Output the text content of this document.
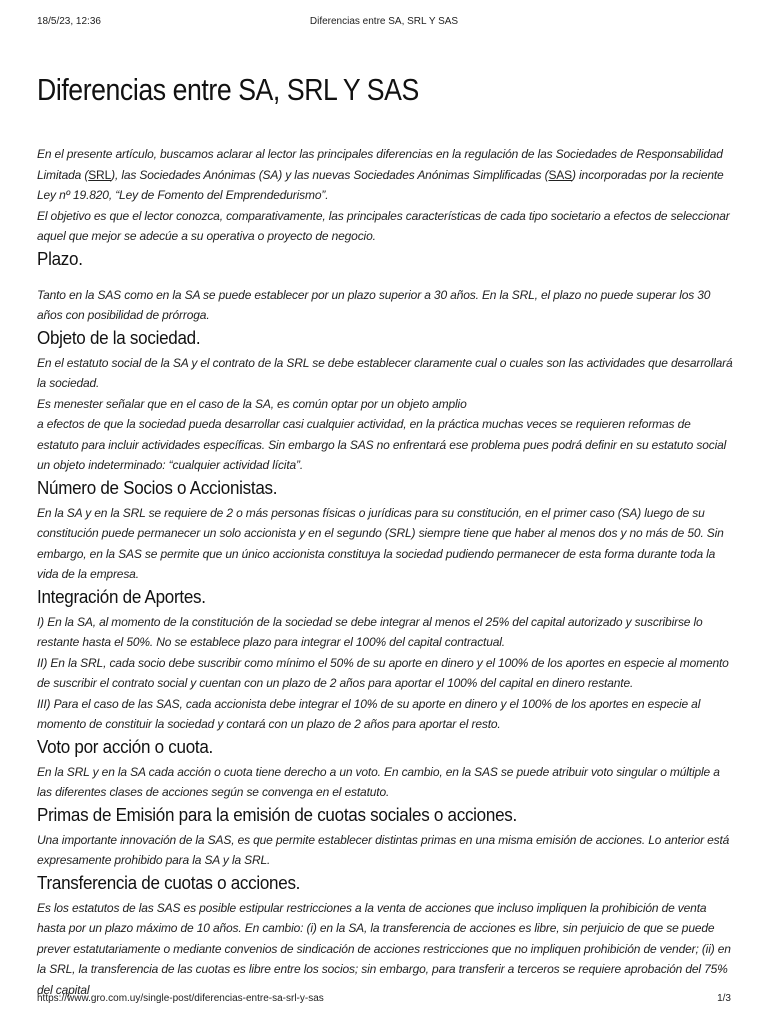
18/5/23, 12:36	Diferencias entre SA, SRL Y SAS
Diferencias entre SA, SRL Y SAS

En el presente artículo, buscamos aclarar al lector las principales diferencias en la regulación de las Sociedades de Responsabilidad Limitada (SRL), las Sociedades Anónimas (SA) y las nuevas Sociedades Anónimas Simplificadas (SAS) incorporadas por la reciente Ley nº 19.820, “Ley de Fomento del Emprendedurismo”.

El objetivo es que el lector conozca, comparativamente, las principales características de cada tipo societario a efectos de seleccionar aquel que mejor se adecúe a su operativa o proyecto de negocio.

Plazo.

Tanto en la SAS como en la SA se puede establecer por un plazo superior a 30 años. En la SRL, el plazo no puede superar los 30 años con posibilidad de prórroga.

Objeto de la sociedad.

En el estatuto social de la SA y el contrato de la SRL se debe establecer claramente cual o cuales son las actividades que desarrollará la sociedad.

Es menester señalar que en el caso de la SA, es común optar por un objeto amplio

a efectos de que la sociedad pueda desarrollar casi cualquier actividad, en la práctica muchas veces se requieren reformas de estatuto para incluir actividades específicas. Sin embargo la SAS no enfrentará ese problema pues podrá definir en su estatuto social un objeto indeterminado: “cualquier actividad lícita”.

Número de Socios o Accionistas.

En la SA y en la SRL se requiere de 2 o más personas físicas o jurídicas para su constitución, en el primer caso (SA) luego de su constitución puede permanecer un solo accionista y en el segundo (SRL) siempre tiene que haber al menos dos y no más de 50. Sin embargo, en la SAS se permite que un único accionista constituya la sociedad pudiendo permanecer de esta forma durante toda la vida de la empresa.

Integración de Aportes.

I) En la SA, al momento de la constitución de la sociedad se debe integrar al menos el 25% del capital autorizado y suscribirse lo restante hasta el 50%. No se establece plazo para integrar el 100% del capital contractual.

II) En la SRL, cada socio debe suscribir como mínimo el 50% de su aporte en dinero y el 100% de los aportes en especie al momento de suscribir el contrato social y cuentan con un plazo de 2 años para aportar el 100% del capital en dinero restante.

III) Para el caso de las SAS, cada accionista debe integrar el 10% de su aporte en dinero y el 100% de los aportes en especie al momento de constituir la sociedad y contará con un plazo de 2 años para aportar el resto.

Voto por acción o cuota.

En la SRL y en la SA cada acción o cuota tiene derecho a un voto. En cambio, en la SAS se puede atribuir voto singular o múltiple a las diferentes clases de acciones según se convenga en el estatuto.

Primas de Emisión para la emisión de cuotas sociales o acciones.

Una importante innovación de la SAS, es que permite establecer distintas primas en una misma emisión de acciones. Lo anterior está expresamente prohibido para la SA y la SRL.

Transferencia de cuotas o acciones.

Es los estatutos de las SAS es posible estipular restricciones a la venta de acciones que incluso impliquen la prohibición de venta hasta por un plazo máximo de 10 años. En cambio: (i) en la SA, la transferencia de acciones es libre, sin perjuicio de que se puede prever estatutariamente o mediante convenios de sindicación de acciones restricciones que no impliquen prohibición de vender; (ii) en la SRL, la transferencia de las cuotas es libre entre los socios; sin embargo, para transferir a terceros se requiere aprobación del 75% del capital

https://www.gro.com.uy/single-post/diferencias-entre-sa-srl-y-sas	1/3
